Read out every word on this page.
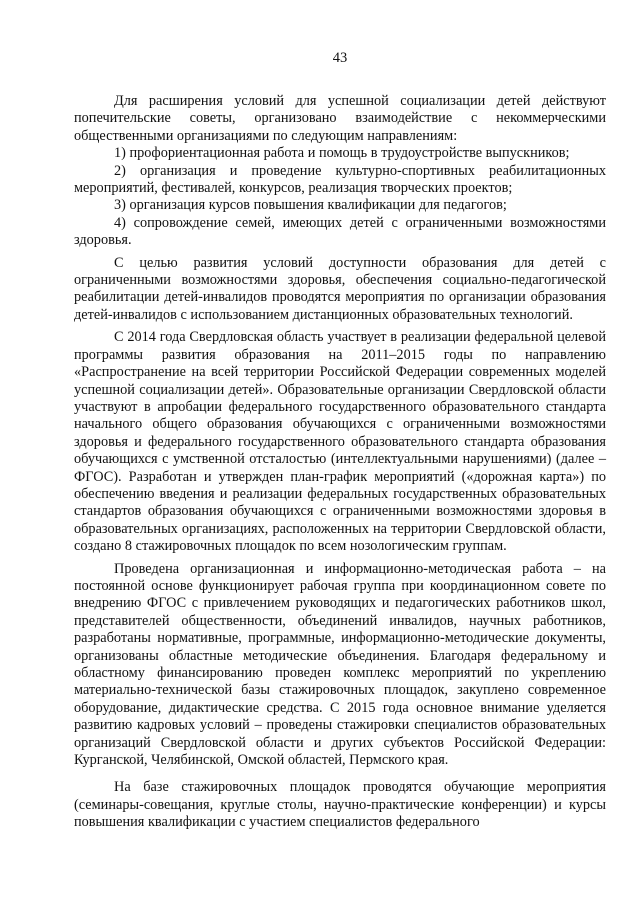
43

Для расширения условий для успешной социализации детей действуют попечительские советы, организовано взаимодействие с некоммерческими общественными организациями по следующим направлениям:

1) профориентационная работа и помощь в трудоустройстве выпускников;

2) организация и проведение культурно-спортивных реабилитационных мероприятий, фестивалей, конкурсов, реализация творческих проектов;

3) организация курсов повышения квалификации для педагогов;

4) сопровождение семей, имеющих детей с ограниченными возможностями здоровья.

С целью развития условий доступности образования для детей с ограниченными возможностями здоровья, обеспечения социально-педагогической реабилитации детей-инвалидов проводятся мероприятия по организации образования детей-инвалидов с использованием дистанционных образовательных технологий.

С 2014 года Свердловская область участвует в реализации федеральной целевой программы развития образования на 2011–2015 годы по направлению «Распространение на всей территории Российской Федерации современных моделей успешной социализации детей». Образовательные организации Свердловской области участвуют в апробации федерального государственного образовательного стандарта начального общего образования обучающихся с ограниченными возможностями здоровья и федерального государственного образовательного стандарта образования обучающихся с умственной отсталостью (интеллектуальными нарушениями) (далее – ФГОС). Разработан и утвержден план-график мероприятий («дорожная карта») по обеспечению введения и реализации федеральных государственных образовательных стандартов образования обучающихся с ограниченными возможностями здоровья в образовательных организациях, расположенных на территории Свердловской области, создано 8 стажировочных площадок по всем нозологическим группам.

Проведена организационная и информационно-методическая работа – на постоянной основе функционирует рабочая группа при координационном совете по внедрению ФГОС с привлечением руководящих и педагогических работников школ, представителей общественности, объединений инвалидов, научных работников, разработаны нормативные, программные, информационно-методические документы, организованы областные методические объединения. Благодаря федеральному и областному финансированию проведен комплекс мероприятий по укреплению материально-технической базы стажировочных площадок, закуплено современное оборудование, дидактические средства. С 2015 года основное внимание уделяется развитию кадровых условий – проведены стажировки специалистов образовательных организаций Свердловской области и других субъектов Российской Федерации: Курганской, Челябинской, Омской областей, Пермского края.

На базе стажировочных площадок проводятся обучающие мероприятия (семинары-совещания, круглые столы, научно-практические конференции) и курсы повышения квалификации с участием специалистов федерального
